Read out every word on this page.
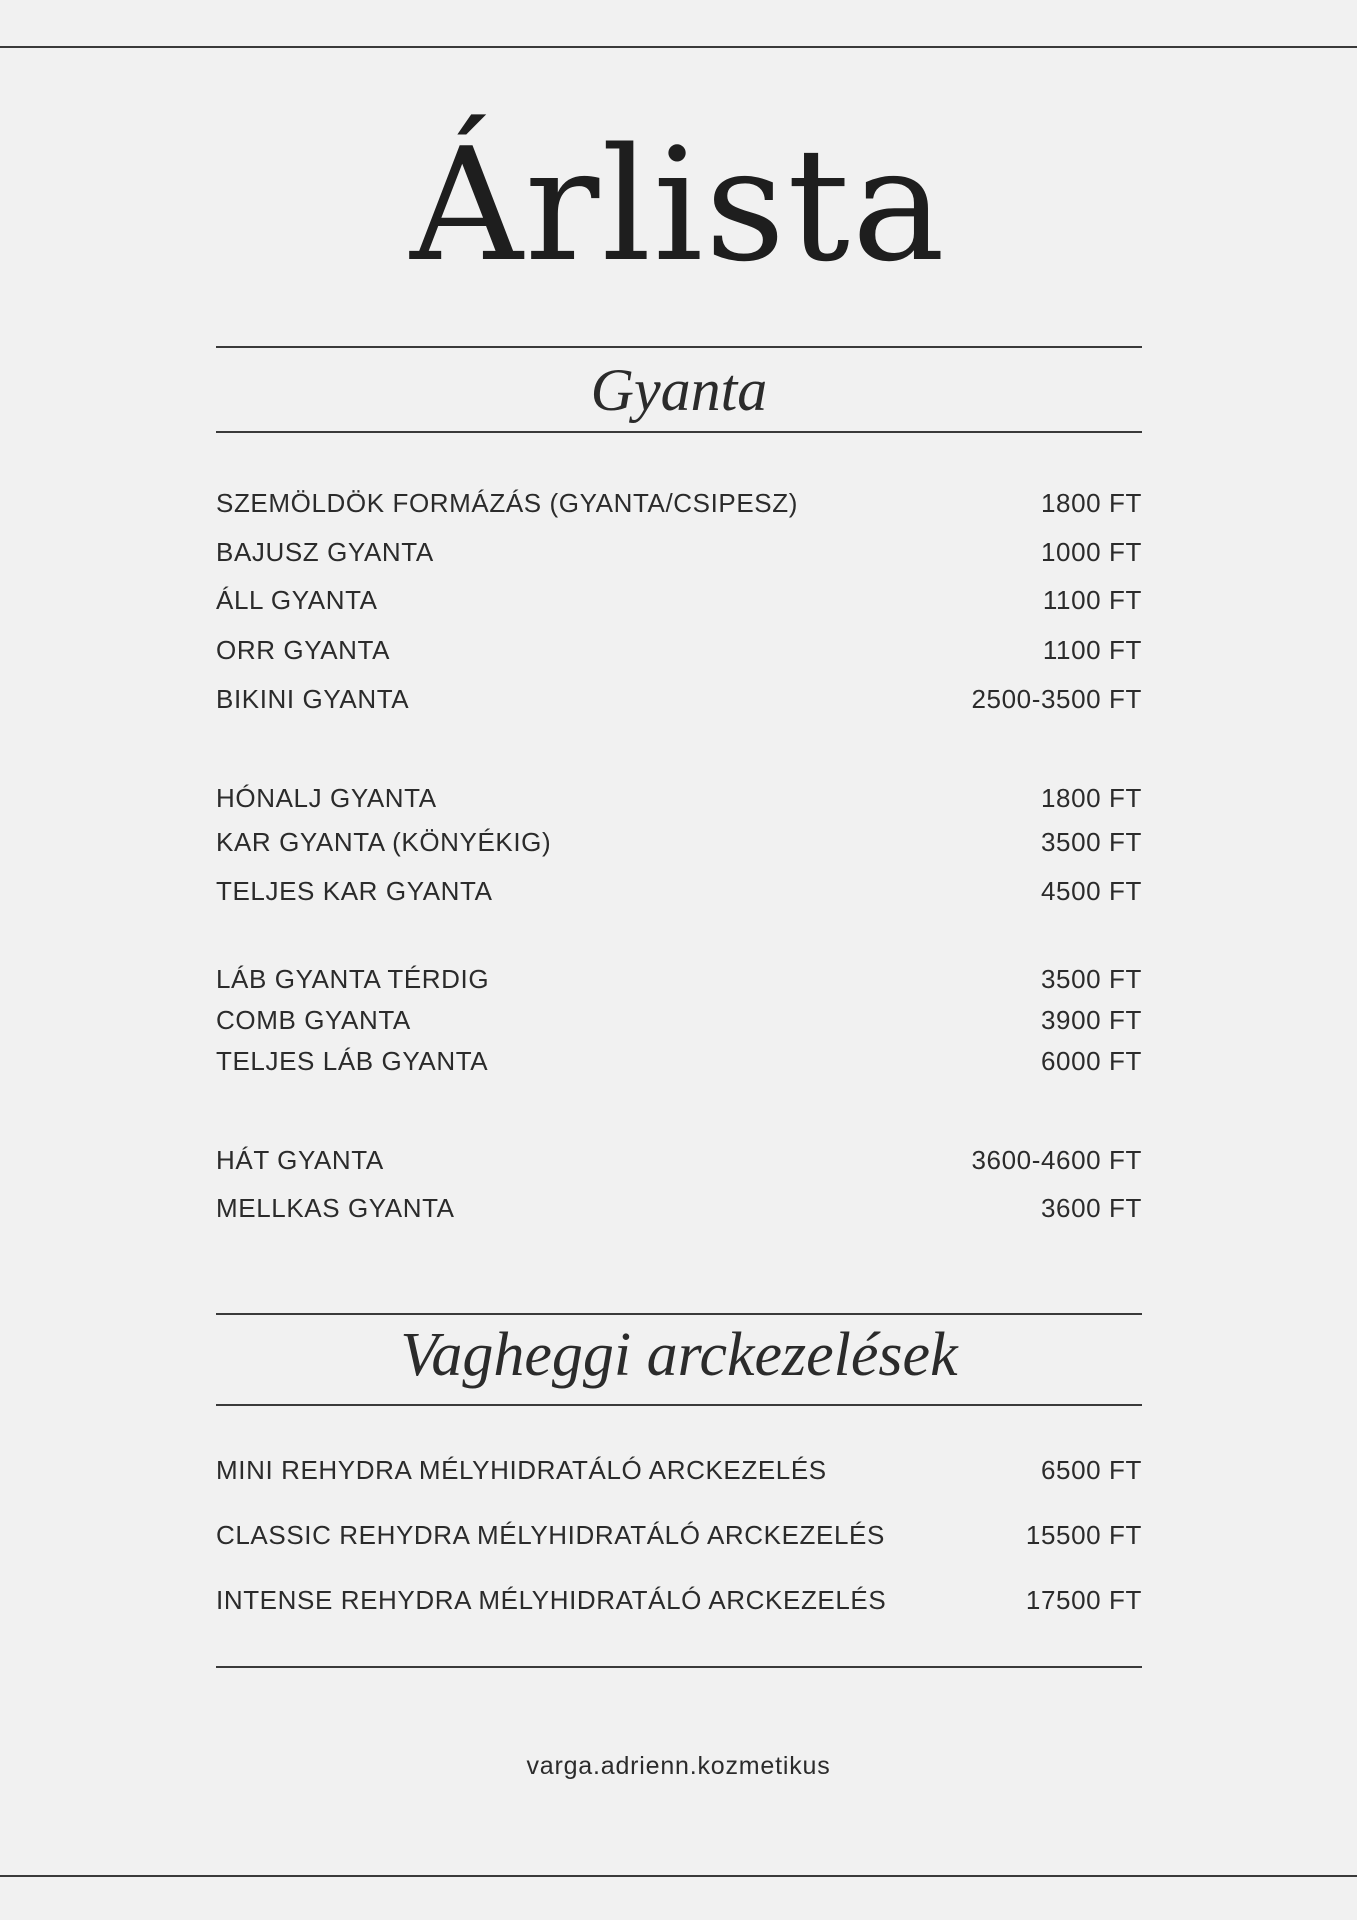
Árlista
Gyanta
SZEMÖLDÖK FORMÁZÁS (GYANTA/CSIPESZ)	1800 FT
BAJUSZ GYANTA	1000 FT
ÁLL GYANTA	1100 FT
ORR GYANTA	1100 FT
BIKINI GYANTA	2500-3500 FT
HÓNALJ GYANTA	1800 FT
KAR GYANTA (KÖNYÉKIG)	3500 FT
TELJES KAR GYANTA	4500 FT
LÁB GYANTA TÉRDIG	3500 FT
COMB GYANTA	3900 FT
TELJES LÁB GYANTA	6000 FT
HÁT GYANTA	3600-4600 FT
MELLKAS GYANTA	3600 FT
Vagheggi arckezelések
MINI REHYDRA MÉLYHIDRATÁLÓ ARCKEZELÉS	6500 FT
CLASSIC REHYDRA MÉLYHIDRATÁLÓ ARCKEZELÉS	15500 FT
INTENSE REHYDRA MÉLYHIDRATÁLÓ ARCKEZELÉS	17500 FT
varga.adrienn.kozmetikus
